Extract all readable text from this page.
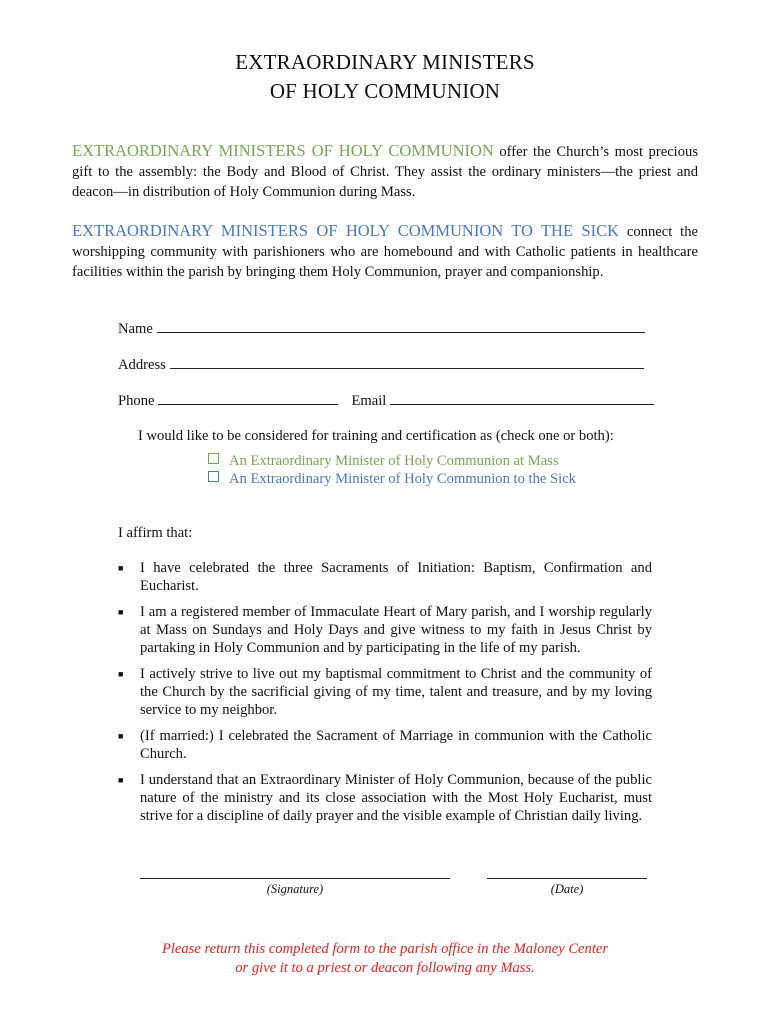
EXTRAORDINARY MINISTERS
OF HOLY COMMUNION
EXTRAORDINARY MINISTERS OF HOLY COMMUNION offer the Church’s most precious gift to the assembly: the Body and Blood of Christ. They assist the ordinary ministers—the priest and deacon—in distribution of Holy Communion during Mass.
EXTRAORDINARY MINISTERS OF HOLY COMMUNION TO THE SICK connect the worshipping community with parishioners who are homebound and with Catholic patients in healthcare facilities within the parish by bringing them Holy Communion, prayer and companionship.
Name
Address
Phone	Email
I would like to be considered for training and certification as (check one or both):
An Extraordinary Minister of Holy Communion at Mass
An Extraordinary Minister of Holy Communion to the Sick
I affirm that:
■ I have celebrated the three Sacraments of Initiation: Baptism, Confirmation and Eucharist.
■ I am a registered member of Immaculate Heart of Mary parish, and I worship regularly at Mass on Sundays and Holy Days and give witness to my faith in Jesus Christ by partaking in Holy Communion and by participating in the life of my parish.
■ I actively strive to live out my baptismal commitment to Christ and the community of the Church by the sacrificial giving of my time, talent and treasure, and by my loving service to my neighbor.
■ (If married:) I celebrated the Sacrament of Marriage in communion with the Catholic Church.
■ I understand that an Extraordinary Minister of Holy Communion, because of the public nature of the ministry and its close association with the Most Holy Eucharist, must strive for a discipline of daily prayer and the visible example of Christian daily living.
(Signature)	(Date)
Please return this completed form to the parish office in the Maloney Center
or give it to a priest or deacon following any Mass.
